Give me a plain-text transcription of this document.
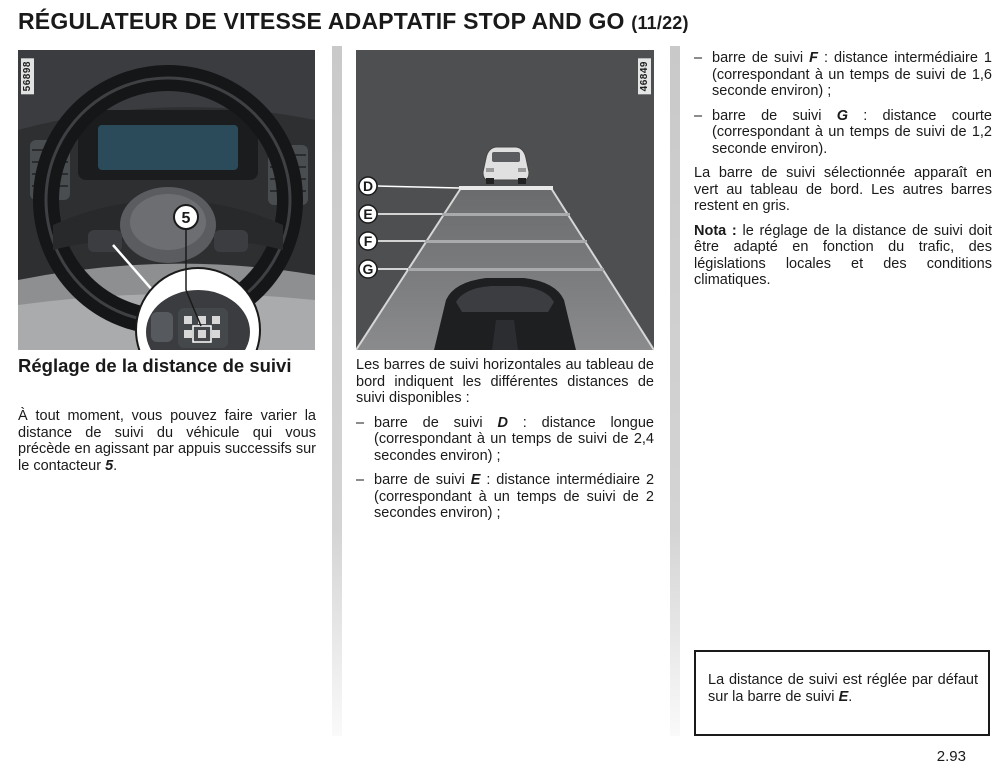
RÉGULATEUR DE VITESSE ADAPTATIF STOP AND GO (11/22)
5
56898
D
E
F
G
46849
Réglage de la distance de suivi

À tout moment, vous pouvez faire varier la distance de suivi du véhicule qui vous précède en agissant par appuis successifs sur le contacteur 5.

Les barres de suivi horizontales au tableau de bord indiquent les différentes distances de suivi disponibles :

– barre de suivi D : distance longue (correspondant à un temps de suivi de 2,4 secondes environ) ;
– barre de suivi E : distance intermédiaire 2 (correspondant à un temps de suivi de 2 secondes environ) ;
– barre de suivi F : distance intermédiaire 1 (correspondant à un temps de suivi de 1,6 seconde environ) ;
– barre de suivi G : distance courte (correspondant à un temps de suivi de 1,2 seconde environ).

La barre de suivi sélectionnée apparaît en vert au tableau de bord. Les autres barres restent en gris.

Nota : le réglage de la distance de suivi doit être adapté en fonction du trafic, des législations locales et des conditions climatiques.

La distance de suivi est réglée par défaut sur la barre de suivi E.
2.93
